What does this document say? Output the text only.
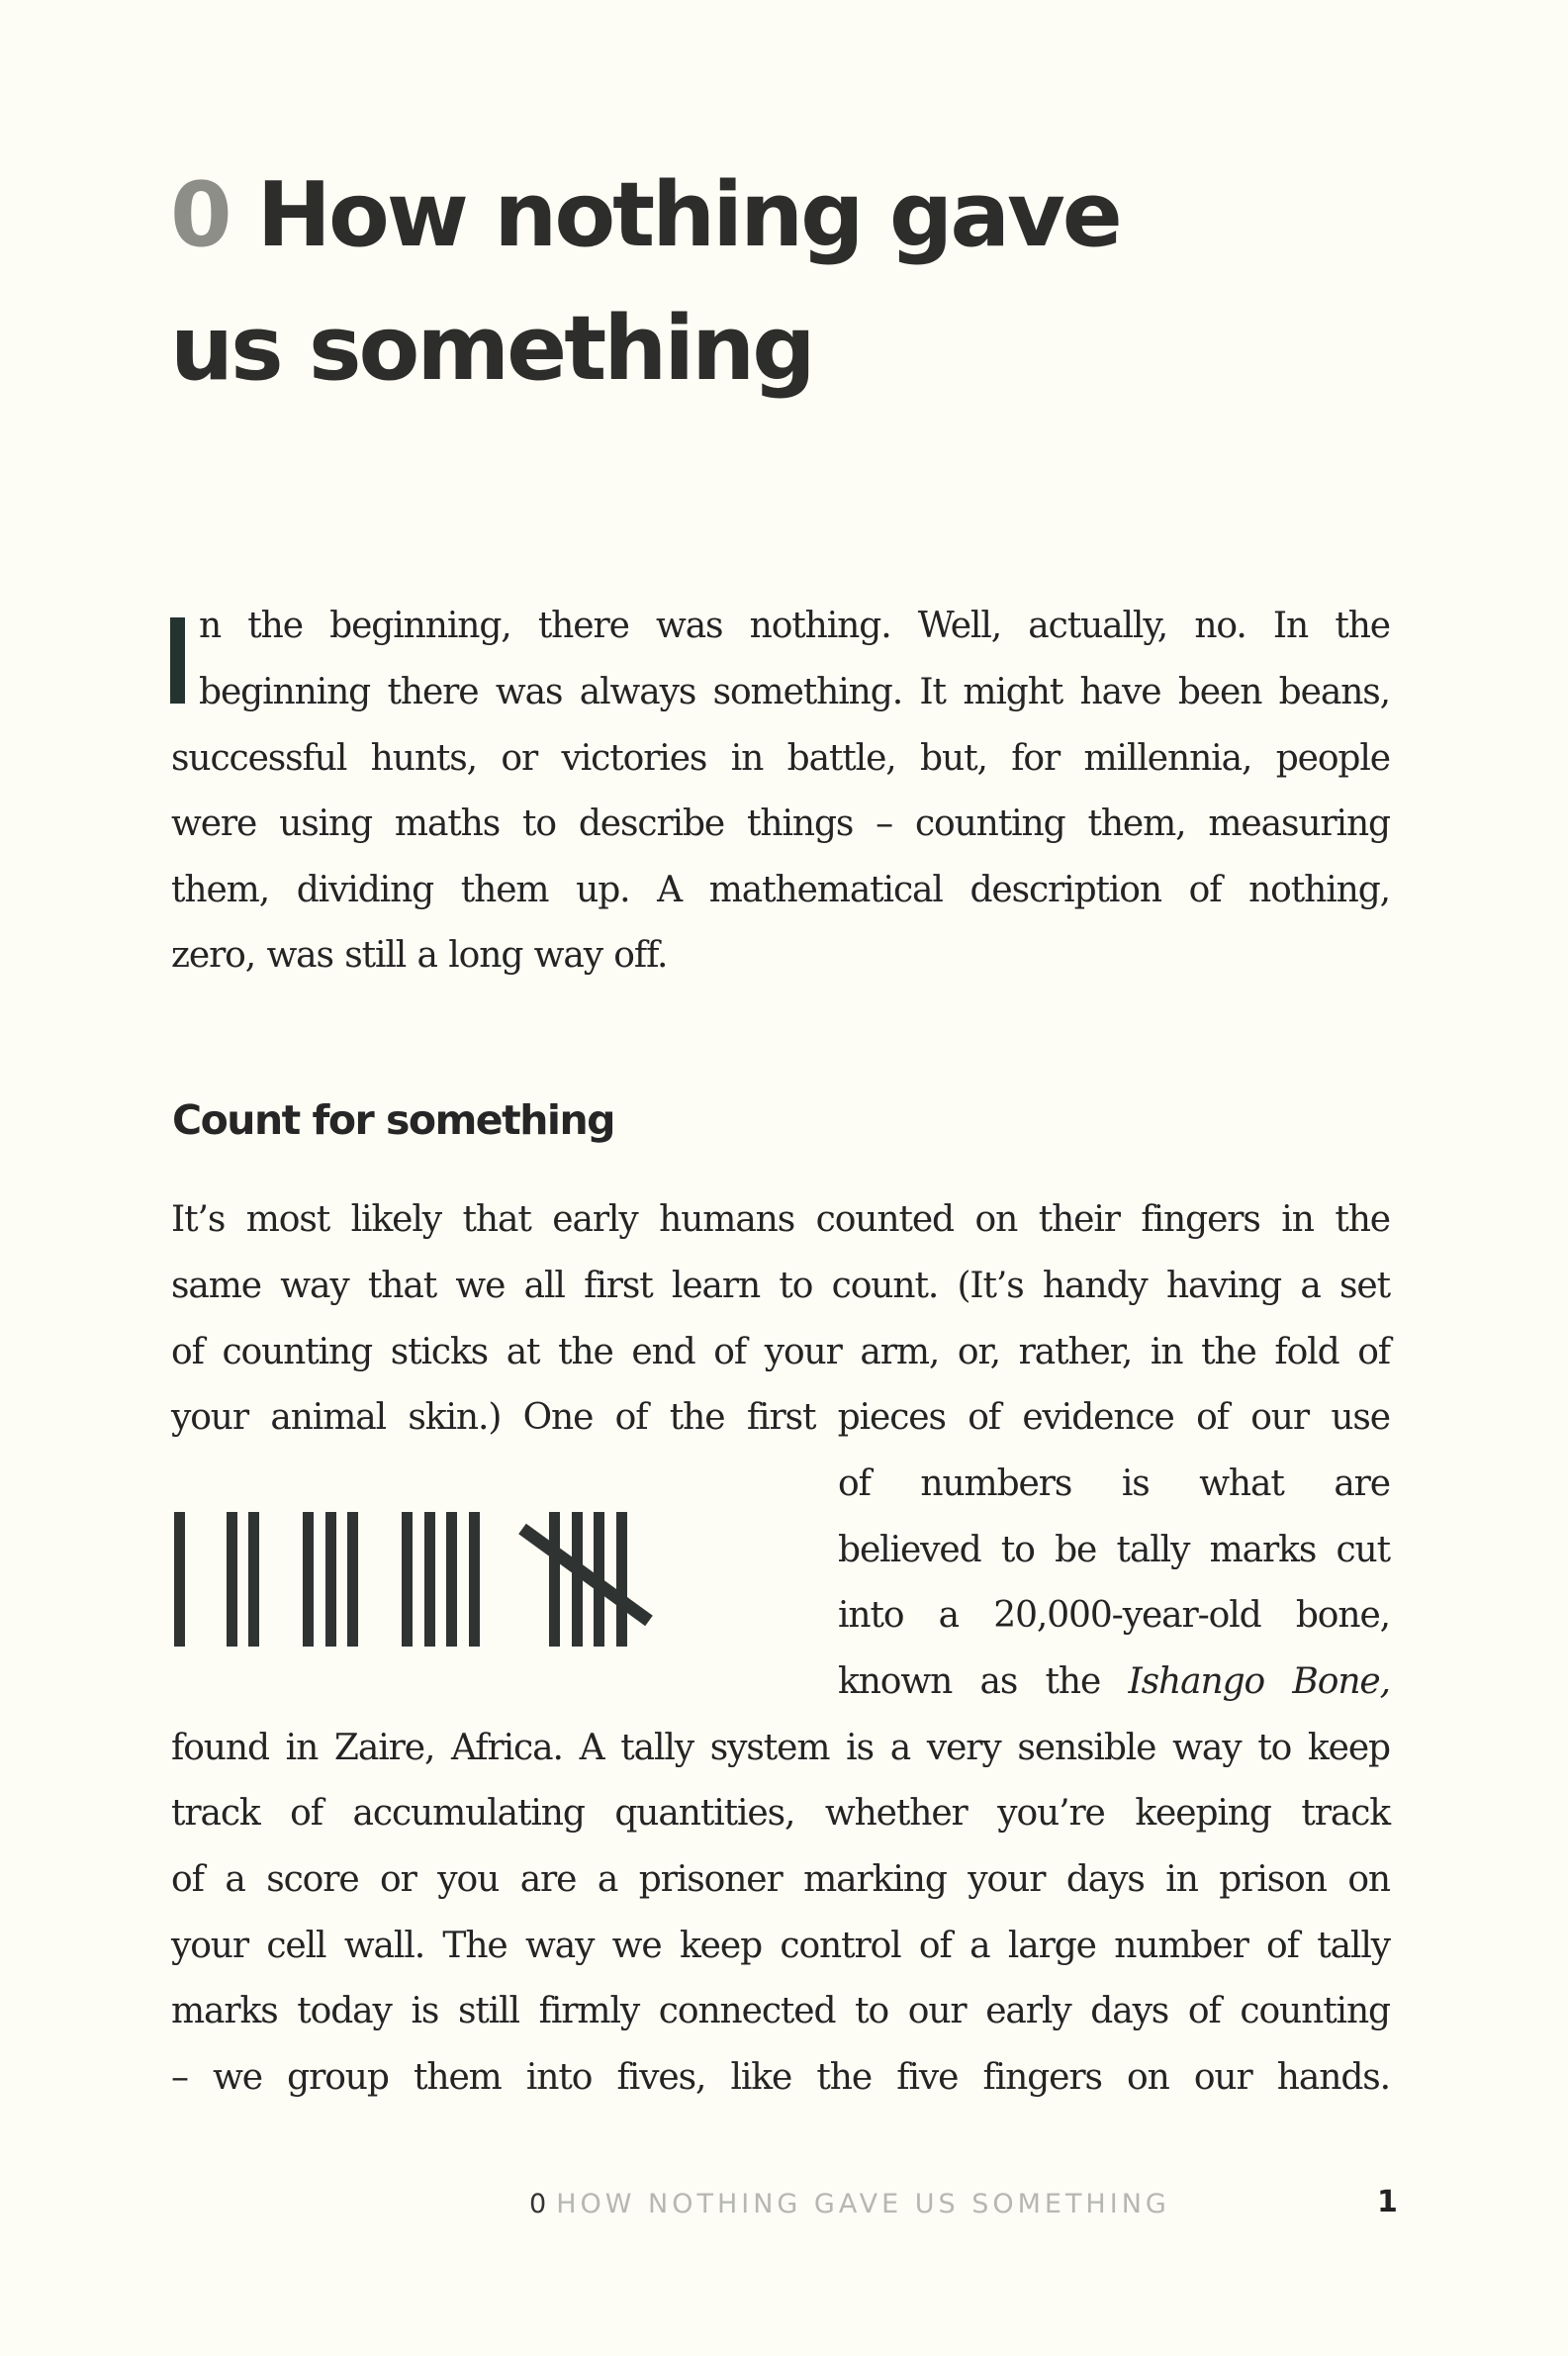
0 How nothing gave
us something
n the beginning, there was nothing. Well, actually, no. In the
beginning there was always something. It might have been beans,
successful hunts, or victories in battle, but, for millennia, people
were using maths to describe things – counting them, measuring
them, dividing them up. A mathematical description of nothing,
zero, was still a long way off.
Count for something
It’s most likely that early humans counted on their fingers in the
same way that we all first learn to count. (It’s handy having a set
of counting sticks at the end of your arm, or, rather, in the fold of
your animal skin.) One of the first pieces of evidence of our use
of numbers is what are
believed to be tally marks cut
into a 20,000-year-old bone,
known as the Ishango Bone,
found in Zaire, Africa. A tally system is a very sensible way to keep
track of accumulating quantities, whether you’re keeping track
of a score or you are a prisoner marking your days in prison on
your cell wall. The way we keep control of a large number of tally
marks today is still firmly connected to our early days of counting
– we group them into fives, like the five fingers on our hands.
0 HOW NOTHING GAVE US SOMETHING	1
